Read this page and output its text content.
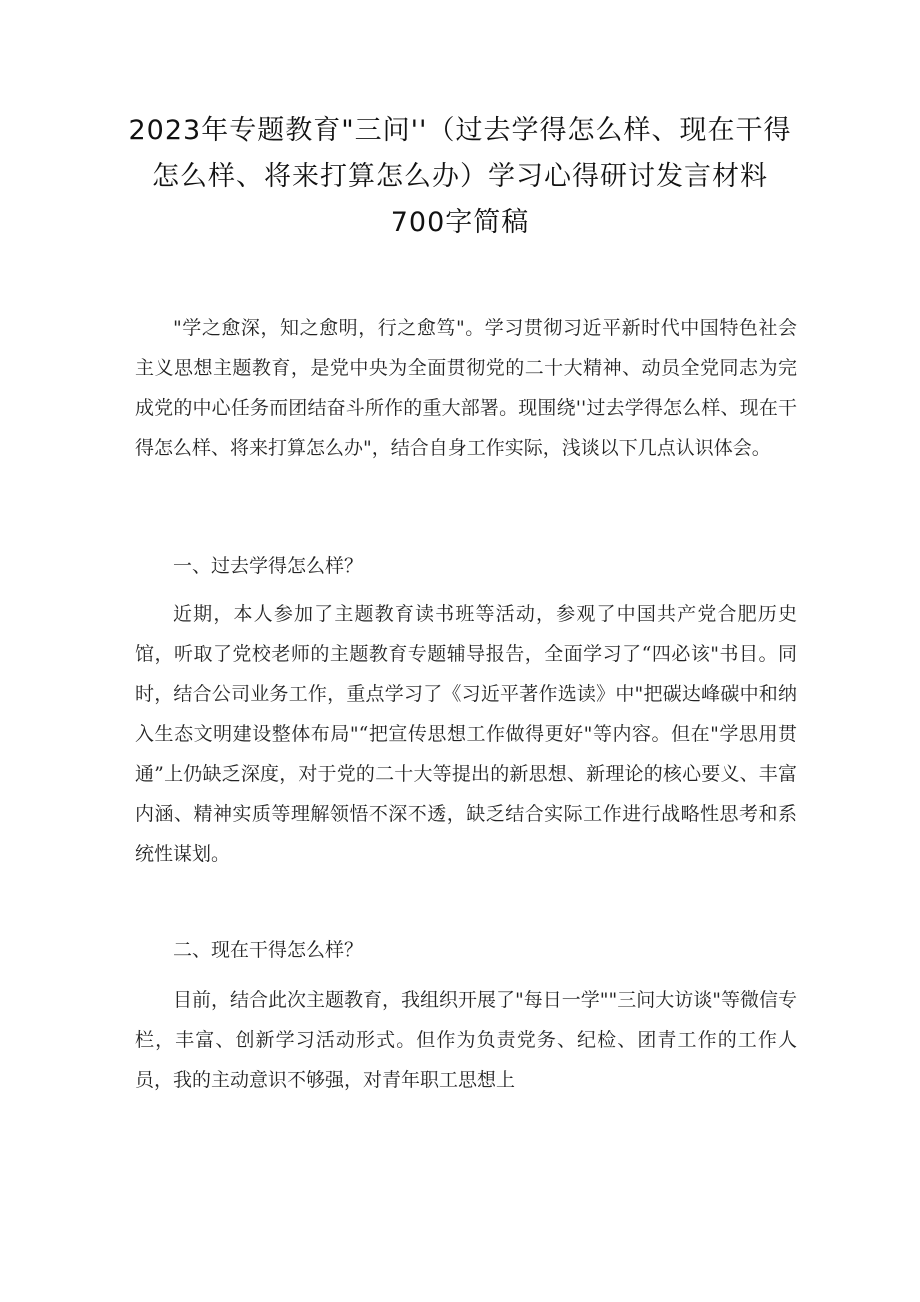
2023年专题教育"三问''（过去学得怎么样、现在干得
怎么样、将来打算怎么办）学习心得研讨发言材料
700字简稿

"学之愈深，知之愈明，行之愈笃"。学习贯彻习近平新时代中国特色社会主义思想主题教育，是党中央为全面贯彻党的二十大精神、动员全党同志为完成党的中心任务而团结奋斗所作的重大部署。现围绕''过去学得怎么样、现在干得怎么样、将来打算怎么办"，结合自身工作实际，浅谈以下几点认识体会。

一、过去学得怎么样？

近期，本人参加了主题教育读书班等活动，参观了中国共产党合肥历史馆，听取了党校老师的主题教育专题辅导报告，全面学习了“四必该"书目。同时，结合公司业务工作，重点学习了《习近平著作选读》中"把碳达峰碳中和纳入生态文明建设整体布局"“把宣传思想工作做得更好"等内容。但在"学思用贯通”上仍缺乏深度，对于党的二十大等提出的新思想、新理论的核心要义、丰富内涵、精神实质等理解领悟不深不透，缺乏结合实际工作进行战略性思考和系统性谋划。

二、现在干得怎么样？

目前，结合此次主题教育，我组织开展了"每日一学""三问大访谈"等微信专栏，丰富、创新学习活动形式。但作为负责党务、纪检、团青工作的工作人员，我的主动意识不够强，对青年职工思想上
